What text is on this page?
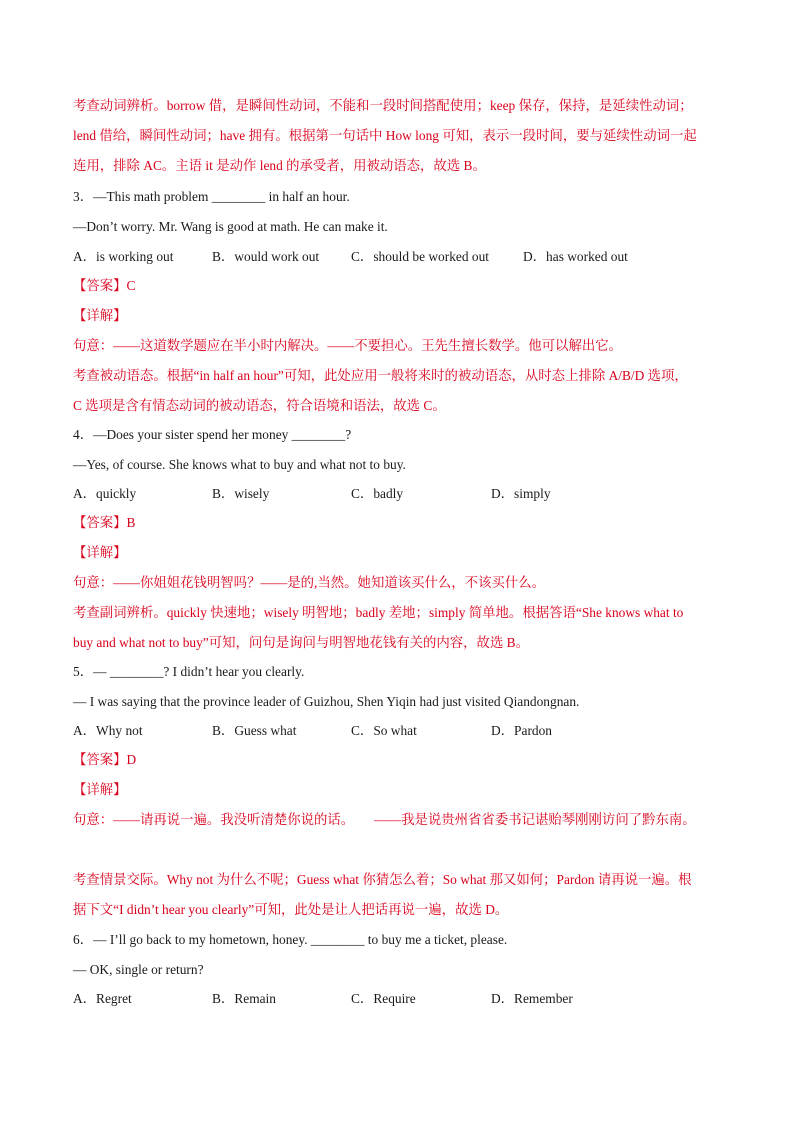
考查动词辨析。borrow 借，是瞬间性动词，不能和一段时间搭配使用；keep 保存，保持，是延续性动词；
lend 借给，瞬间性动词；have 拥有。根据第一句话中 How long 可知，表示一段时间，要与延续性动词一起
连用，排除 AC。主语 it 是动作 lend 的承受者，用被动语态，故选 B。
3．—This math problem ________ in half an hour.
—Don’t worry. Mr. Wang is good at math. He can make it.
A．is working out	B．would work out C．should be worked out	D．has worked out
【答案】C
【详解】
句意：——这道数学题应在半小时内解决。——不要担心。王先生擅长数学。他可以解出它。
考查被动语态。根据“in half an hour”可知，此处应用一般将来时的被动语态，从时态上排除 A/B/D 选项，
C 选项是含有情态动词的被动语态，符合语境和语法，故选 C。
4．—Does your sister spend her money ________?
—Yes, of course. She knows what to buy and what not to buy.
A．quickly	B．wisely	C．badly	D．simply
【答案】B
【详解】
句意：——你姐姐花钱明智吗？——是的,当然。她知道该买什么，不该买什么。
考查副词辨析。quickly 快速地；wisely 明智地；badly 差地；simply 简单地。根据答语“She knows what to
buy and what not to buy”可知，问句是询问与明智地花钱有关的内容，故选 B。
5．— ________? I didn’t hear you clearly.
— I was saying that the province leader of Guizhou, Shen Yiqin had just visited Qiandongnan.
A．Why not	B．Guess what	C．So what	D．Pardon
【答案】D
【详解】
句意：——请再说一遍。我没听清楚你说的话。　　——我是说贵州省省委书记谌贻琴刚刚访问了黔东南。
考查情景交际。Why not 为什么不呢；Guess what 你猜怎么着；So what 那又如何；Pardon 请再说一遍。根
据下文“I didn’t hear you clearly”可知，此处是让人把话再说一遍，故选 D。
6．— I’ll go back to my hometown, honey. ________ to buy me a ticket, please.
— OK, single or return?
A．Regret	B．Remain	C．Require	D．Remember
